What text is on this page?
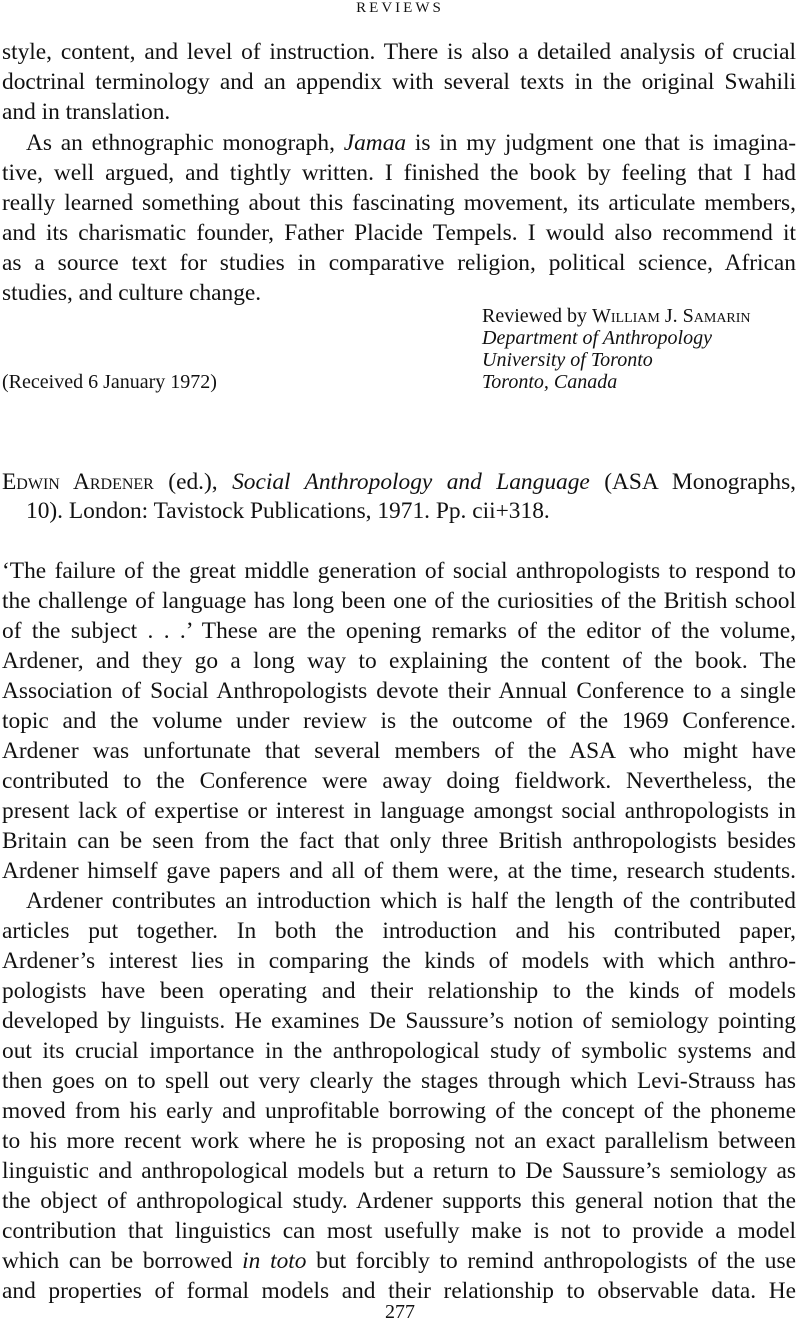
REVIEWS
style, content, and level of instruction. There is also a detailed analysis of crucial
doctrinal terminology and an appendix with several texts in the original Swahili
and in translation.
As an ethnographic monograph, Jamaa is in my judgment one that is imagina-
tive, well argued, and tightly written. I finished the book by feeling that I had
really learned something about this fascinating movement, its articulate members,
and its charismatic founder, Father Placide Tempels. I would also recommend it
as a source text for studies in comparative religion, political science, African
studies, and culture change.
Reviewed by William J. Samarin
Department of Anthropology
University of Toronto
Toronto, Canada
(Received 6 January 1972)
Edwin Ardener (ed.), Social Anthropology and Language (ASA Monographs,
10). London: Tavistock Publications, 1971. Pp. cii+318.
‘The failure of the great middle generation of social anthropologists to respond to
the challenge of language has long been one of the curiosities of the British school
of the subject . . .’ These are the opening remarks of the editor of the volume,
Ardener, and they go a long way to explaining the content of the book. The
Association of Social Anthropologists devote their Annual Conference to a single
topic and the volume under review is the outcome of the 1969 Conference.
Ardener was unfortunate that several members of the ASA who might have
contributed to the Conference were away doing fieldwork. Nevertheless, the
present lack of expertise or interest in language amongst social anthropologists in
Britain can be seen from the fact that only three British anthropologists besides
Ardener himself gave papers and all of them were, at the time, research students.
Ardener contributes an introduction which is half the length of the contributed
articles put together. In both the introduction and his contributed paper,
Ardener’s interest lies in comparing the kinds of models with which anthro-
pologists have been operating and their relationship to the kinds of models
developed by linguists. He examines De Saussure’s notion of semiology pointing
out its crucial importance in the anthropological study of symbolic systems and
then goes on to spell out very clearly the stages through which Levi-Strauss has
moved from his early and unprofitable borrowing of the concept of the phoneme
to his more recent work where he is proposing not an exact parallelism between
linguistic and anthropological models but a return to De Saussure’s semiology as
the object of anthropological study. Ardener supports this general notion that the
contribution that linguistics can most usefully make is not to provide a model
which can be borrowed in toto but forcibly to remind anthropologists of the use
and properties of formal models and their relationship to observable data. He
277
